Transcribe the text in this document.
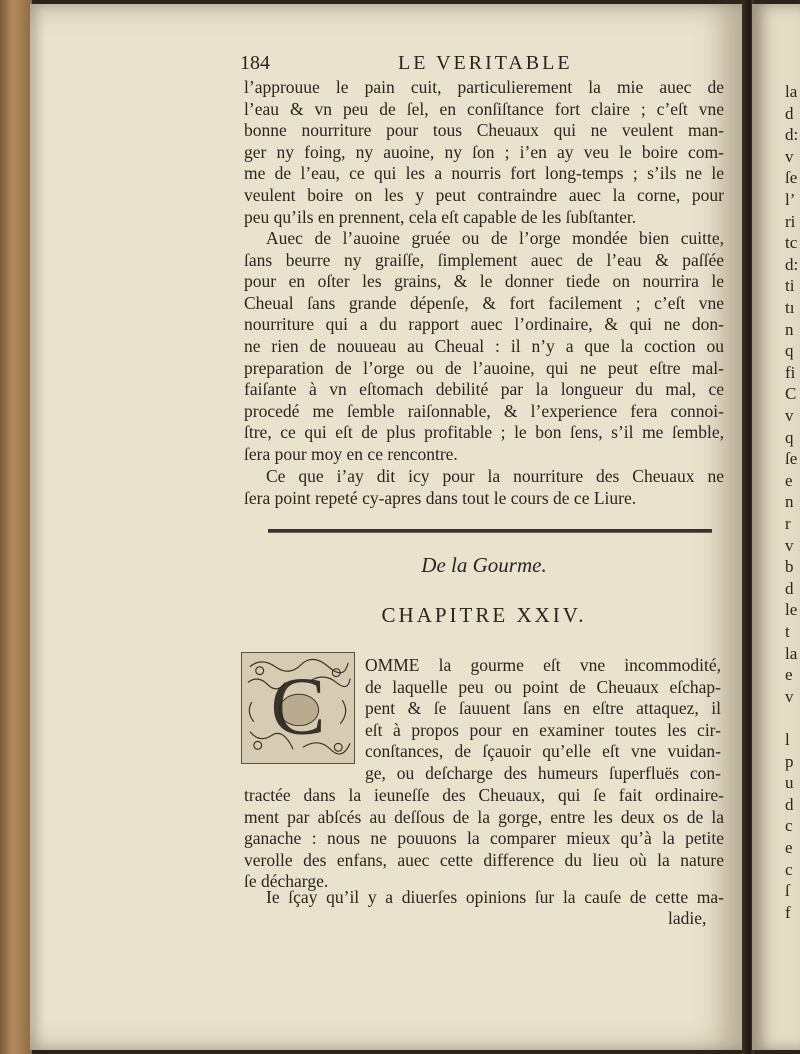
la
d
d:
v
ſe
l’
ri
tc
d:
ti
tı
n
q
fi
C
v
q
ſe
e
n
r
v
b
d
le
t
la
e
v
l
p
u
d
c
e
c
ſ
f
184	LE VERITABLE
l’approuue le pain cuit, particulierement la mie auec de
l’eau & vn peu de ſel, en conſiſtance fort claire ; c’eſt vne
bonne nourriture pour tous Cheuaux qui ne veulent man-
ger ny foing, ny auoine, ny ſon ; i’en ay veu le boire com-
me de l’eau, ce qui les a nourris fort long-temps ; s’ils ne le
veulent boire on les y peut contraindre auec la corne, pour
peu qu’ils en prennent, cela eſt capable de les ſubſtanter.
Auec de l’auoine gruée ou de l’orge mondée bien cuitte,
ſans beurre ny graiſſe, ſimplement auec de l’eau & paſſée
pour en oſter les grains, & le donner tiede on nourrira le
Cheual ſans grande dépenſe, & fort facilement ; c’eſt vne
nourriture qui a du rapport auec l’ordinaire, & qui ne don-
ne rien de nouueau au Cheual : il n’y a que la coction ou
preparation de l’orge ou de l’auoine, qui ne peut eſtre mal-
faiſante à vn eſtomach debilité par la longueur du mal, ce
procedé me ſemble raiſonnable, & l’experience fera connoi-
ſtre, ce qui eſt de plus profitable ; le bon ſens, s’il me ſemble,
ſera pour moy en ce rencontre.
Ce que i’ay dit icy pour la nourriture des Cheuaux ne
ſera point repeté cy-apres dans tout le cours de ce Liure.
De la Gourme.
CHAPITRE XXIV.
C OMME la gourme eſt vne incommodité,
de laquelle peu ou point de Cheuaux eſchap-
pent & ſe ſauuent ſans en eſtre attaquez, il
eſt à propos pour en examiner toutes les cir-
conſtances, de ſçauoir qu’elle eſt vne vuidan-
ge, ou deſcharge des humeurs ſuperfluës con-
tractée dans la ieuneſſe des Cheuaux, qui ſe fait ordinaire-
ment par abſcés au deſſous de la gorge, entre les deux os de la
ganache : nous ne pouuons la comparer mieux qu’à la petite
verolle des enfans, auec cette difference du lieu où la nature
ſe décharge.
Ie ſçay qu’il y a diuerſes opinions ſur la cauſe de cette ma-
ladie,
